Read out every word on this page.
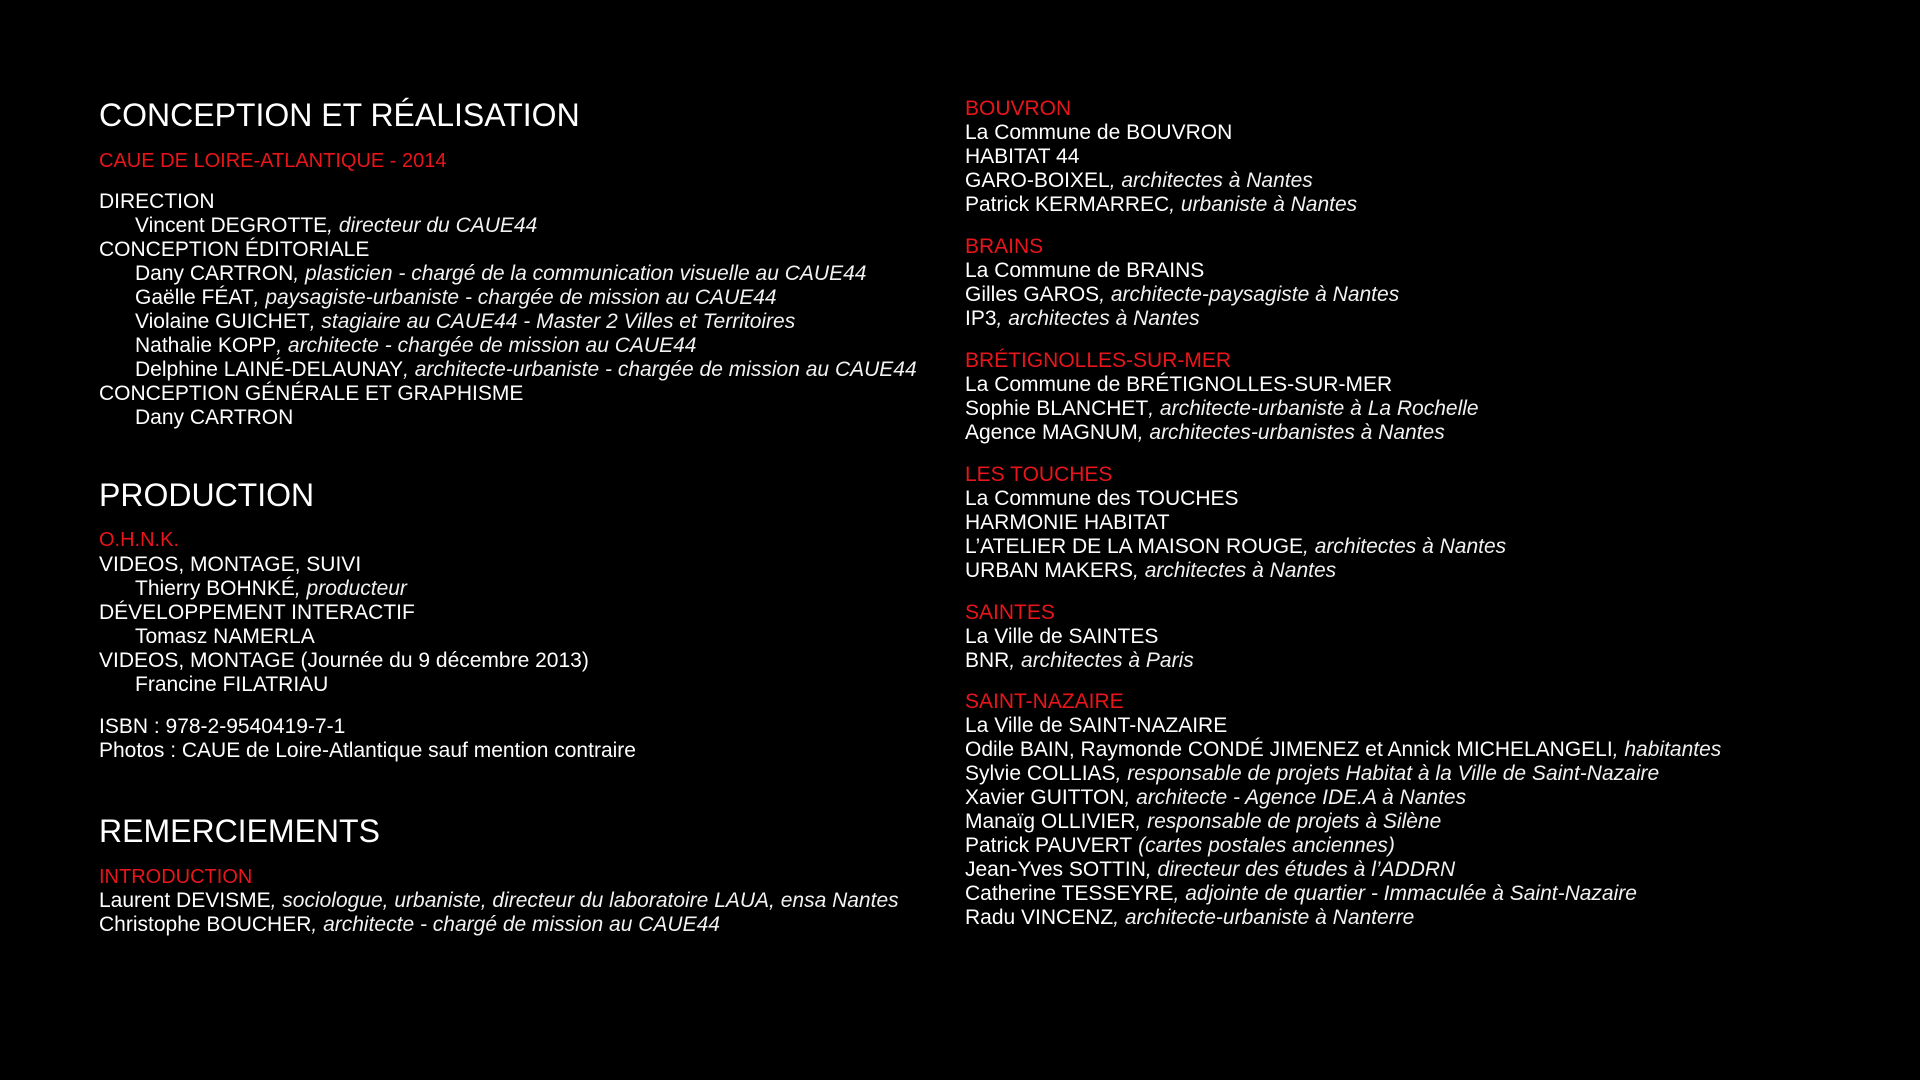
CONCEPTION ET RÉALISATION
CAUE DE LOIRE-ATLANTIQUE - 2014
DIRECTION
Vincent DEGROTTE, directeur du CAUE44
CONCEPTION ÉDITORIALE
Dany CARTRON, plasticien - chargé de la communication visuelle au CAUE44
Gaëlle FÉAT, paysagiste-urbaniste - chargée de mission au CAUE44
Violaine GUICHET, stagiaire au CAUE44 - Master 2 Villes et Territoires
Nathalie KOPP, architecte - chargée de mission au CAUE44
Delphine LAINÉ-DELAUNAY, architecte-urbaniste - chargée de mission au CAUE44
CONCEPTION GÉNÉRALE ET GRAPHISME
Dany CARTRON
PRODUCTION
O.H.N.K.
VIDEOS, MONTAGE, SUIVI
Thierry BOHNKÉ, producteur
DÉVELOPPEMENT INTERACTIF
Tomasz NAMERLA
VIDEOS, MONTAGE (Journée du 9 décembre 2013)
Francine FILATRIAU
ISBN : 978-2-9540419-7-1
Photos : CAUE de Loire-Atlantique sauf mention contraire
REMERCIEMENTS
INTRODUCTION
Laurent DEVISME, sociologue, urbaniste, directeur du laboratoire LAUA, ensa Nantes
Christophe BOUCHER, architecte - chargé de mission au CAUE44
BOUVRON
La Commune de BOUVRON
HABITAT 44
GARO-BOIXEL, architectes à Nantes
Patrick KERMARREC, urbaniste à Nantes
BRAINS
La Commune de BRAINS
Gilles GAROS, architecte-paysagiste à Nantes
IP3, architectes à Nantes
BRÉTIGNOLLES-SUR-MER
La Commune de BRÉTIGNOLLES-SUR-MER
Sophie BLANCHET, architecte-urbaniste à La Rochelle
Agence MAGNUM, architectes-urbanistes à Nantes
LES TOUCHES
La Commune des TOUCHES
HARMONIE HABITAT
L’ATELIER DE LA MAISON ROUGE, architectes à Nantes
URBAN MAKERS, architectes à Nantes
SAINTES
La Ville de SAINTES
BNR, architectes à Paris
SAINT-NAZAIRE
La Ville de SAINT-NAZAIRE
Odile BAIN, Raymonde CONDÉ JIMENEZ et Annick MICHELANGELI, habitantes
Sylvie COLLIAS, responsable de projets Habitat à la Ville de Saint-Nazaire
Xavier GUITTON, architecte - Agence IDE.A à Nantes
Manaïg OLLIVIER, responsable de projets à Silène
Patrick PAUVERT (cartes postales anciennes)
Jean-Yves SOTTIN, directeur des études à l’ADDRN
Catherine TESSEYRE, adjointe de quartier - Immaculée à Saint-Nazaire
Radu VINCENZ, architecte-urbaniste à Nanterre
